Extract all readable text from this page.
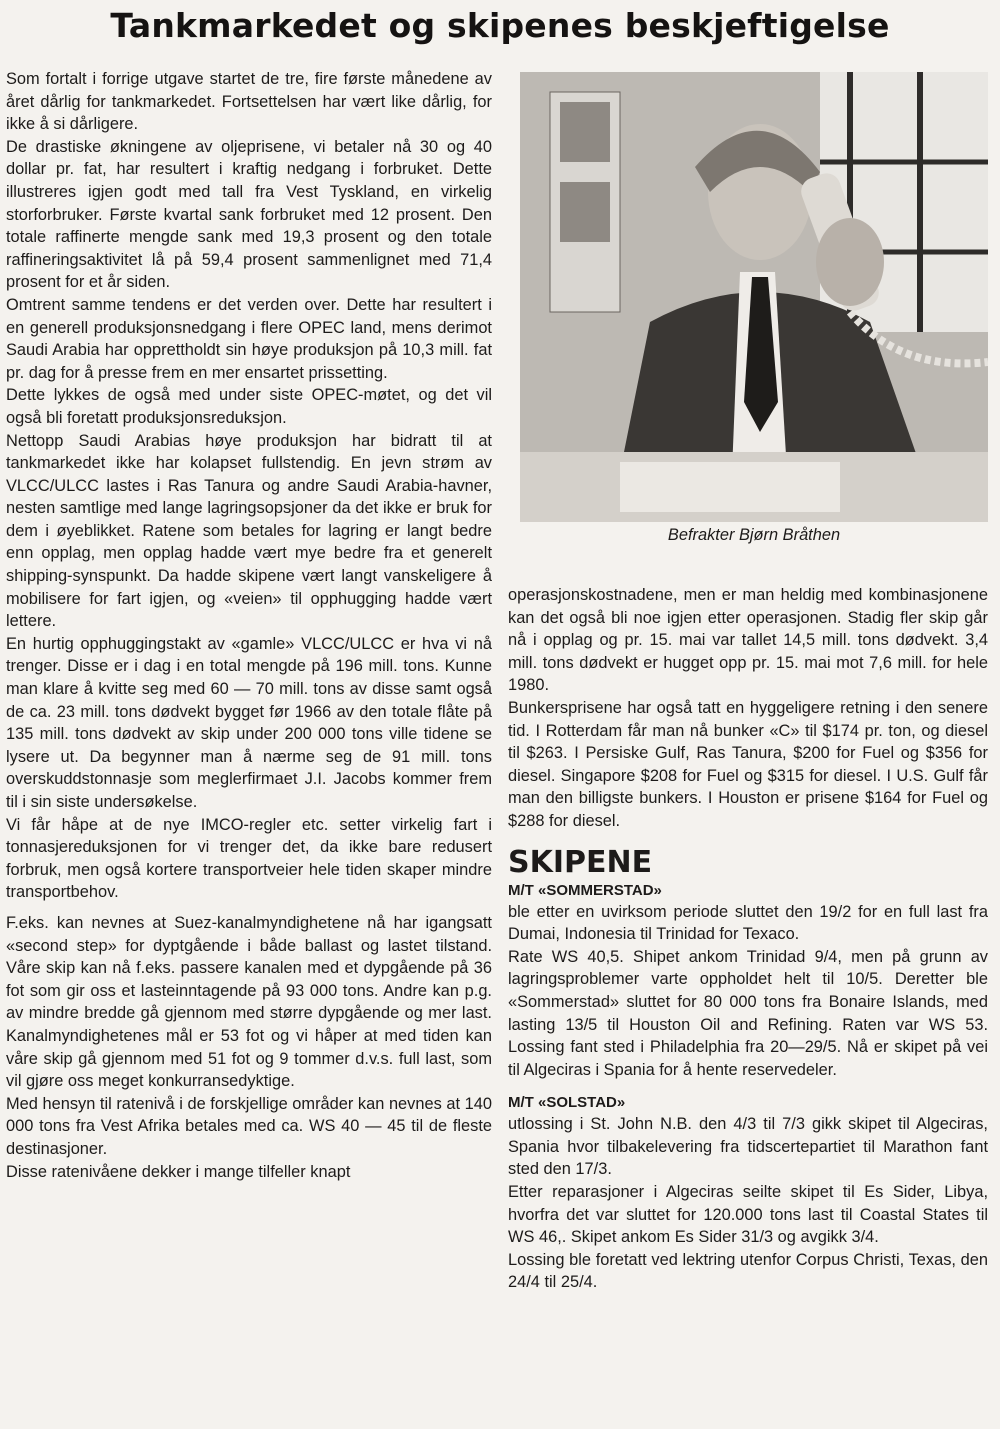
Tankmarkedet og skipenes beskjeftigelse

Som fortalt i forrige utgave startet de tre, fire første månedene av året dårlig for tankmarkedet. Fortsettelsen har vært like dårlig, for ikke å si dårligere.

De drastiske økningene av oljeprisene, vi betaler nå 30 og 40 dollar pr. fat, har resultert i kraftig nedgang i forbruket. Dette illustreres igjen godt med tall fra Vest Tyskland, en virkelig storforbruker. Første kvartal sank forbruket med 12 prosent. Den totale raffinerte mengde sank med 19,3 prosent og den totale raffineringsaktivitet lå på 59,4 prosent sammenlignet med 71,4 prosent for et år siden.

Omtrent samme tendens er det verden over. Dette har resultert i en generell produksjonsnedgang i flere OPEC land, mens derimot Saudi Arabia har opprettholdt sin høye produksjon på 10,3 mill. fat pr. dag for å presse frem en mer ensartet prissetting.

Dette lykkes de også med under siste OPEC-møtet, og det vil også bli foretatt produksjonsreduksjon.

Nettopp Saudi Arabias høye produksjon har bidratt til at tankmarkedet ikke har kolapset fullstendig. En jevn strøm av VLCC/ULCC lastes i Ras Tanura og andre Saudi Arabia-havner, nesten samtlige med lange lagringsopsjoner da det ikke er bruk for dem i øyeblikket. Ratene som betales for lagring er langt bedre enn opplag, men opplag hadde vært mye bedre fra et generelt shipping-synspunkt. Da hadde skipene vært langt vanskeligere å mobilisere for fart igjen, og «veien» til opphugging hadde vært lettere.

En hurtig opphuggingstakt av «gamle» VLCC/ULCC er hva vi nå trenger. Disse er i dag i en total mengde på 196 mill. tons. Kunne man klare å kvitte seg med 60 — 70 mill. tons av disse samt også de ca. 23 mill. tons dødvekt bygget før 1966 av den totale flåte på 135 mill. tons dødvekt av skip under 200 000 tons ville tidene se lysere ut. Da begynner man å nærme seg de 91 mill. tons overskuddstonnasje som meglerfirmaet J.I. Jacobs kommer frem til i sin siste undersøkelse.

Vi får håpe at de nye IMCO-regler etc. setter virkelig fart i tonnasjereduksjonen for vi trenger det, da ikke bare redusert forbruk, men også kortere transportveier hele tiden skaper mindre transportbehov.

F.eks. kan nevnes at Suez-kanalmyndighetene nå har igangsatt «second step» for dyptgående i både ballast og lastet tilstand. Våre skip kan nå f.eks. passere kanalen med et dypgående på 36 fot som gir oss et lasteinntagende på 93 000 tons. Andre kan p.g. av mindre bredde gå gjennom med større dypgående og mer last. Kanalmyndighetenes mål er 53 fot og vi håper at med tiden kan våre skip gå gjennom med 51 fot og 9 tommer d.v.s. full last, som vil gjøre oss meget konkurransedyktige.

Med hensyn til ratenivå i de forskjellige områder kan nevnes at 140 000 tons fra Vest Afrika betales med ca. WS 40 — 45 til de fleste destinasjoner.

Disse ratenivåene dekker i mange tilfeller knapt

Befrakter Bjørn Bråthen

operasjonskostnadene, men er man heldig med kombinasjonene kan det også bli noe igjen etter operasjonen. Stadig fler skip går nå i opplag og pr. 15. mai var tallet 14,5 mill. tons dødvekt. 3,4 mill. tons dødvekt er hugget opp pr. 15. mai mot 7,6 mill. for hele 1980.

Bunkersprisene har også tatt en hyggeligere retning i den senere tid. I Rotterdam får man nå bunker «C» til $174 pr. ton, og diesel til $263. I Persiske Gulf, Ras Tanura, $200 for Fuel og $356 for diesel. Singapore $208 for Fuel og $315 for diesel. I U.S. Gulf får man den billigste bunkers. I Houston er prisene $164 for Fuel og $288 for diesel.

SKIPENE
M/T «SOMMERSTAD»

ble etter en uvirksom periode sluttet den 19/2 for en full last fra Dumai, Indonesia til Trinidad for Texaco.

Rate WS 40,5. Shipet ankom Trinidad 9/4, men på grunn av lagringsproblemer varte oppholdet helt til 10/5. Deretter ble «Sommerstad» sluttet for 80 000 tons fra Bonaire Islands, med lasting 13/5 til Houston Oil and Refining. Raten var WS 53. Lossing fant sted i Philadelphia fra 20—29/5. Nå er skipet på vei til Algeciras i Spania for å hente reservedeler.

M/T «SOLSTAD»

utlossing i St. John N.B. den 4/3 til 7/3 gikk skipet til Algeciras, Spania hvor tilbakelevering fra tidscertepartiet til Marathon fant sted den 17/3.

Etter reparasjoner i Algeciras seilte skipet til Es Sider, Libya, hvorfra det var sluttet for 120.000 tons last til Coastal States til WS 46,. Skipet ankom Es Sider 31/3 og avgikk 3/4.

Lossing ble foretatt ved lektring utenfor Corpus Christi, Texas, den 24/4 til 25/4.
